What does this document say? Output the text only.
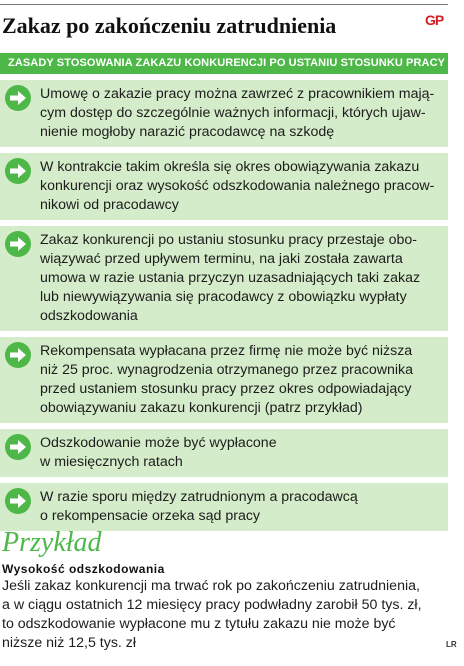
Zakaz po zakończeniu zatrudnienia	GP
ZASADY STOSOWANIA ZAKAZU KONKURENCJI PO USTANIU STOSUNKU PRACY
Umowę o zakazie pracy można zawrzeć z pracownikiem mają-
cym dostęp do szczególnie ważnych informacji, których ujaw-
nienie mogłoby narazić pracodawcę na szkodę
W kontrakcie takim określa się okres obowiązywania zakazu
konkurencji oraz wysokość odszkodowania należnego pracow-
nikowi od pracodawcy
Zakaz konkurencji po ustaniu stosunku pracy przestaje obo-
wiązywać przed upływem terminu, na jaki została zawarta
umowa w razie ustania przyczyn uzasadniających taki zakaz
lub niewywiązywania się pracodawcy z obowiązku wypłaty
odszkodowania
Rekompensata wypłacana przez firmę nie może być niższa
niż 25 proc. wynagrodzenia otrzymanego przez pracownika
przed ustaniem stosunku pracy przez okres odpowiadający
obowiązywaniu zakazu konkurencji (patrz przykład)
Odszkodowanie może być wypłacone
w miesięcznych ratach
W razie sporu między zatrudnionym a pracodawcą
o rekompensacie orzeka sąd pracy
Przykład
Wysokość odszkodowania
Jeśli zakaz konkurencji ma trwać rok po zakończeniu zatrudnienia,
a w ciągu ostatnich 12 miesięcy pracy podwładny zarobił 50 tys. zł,
to odszkodowanie wypłacone mu z tytułu zakazu nie może być
niższe niż 12,5 tys. zł	LR
